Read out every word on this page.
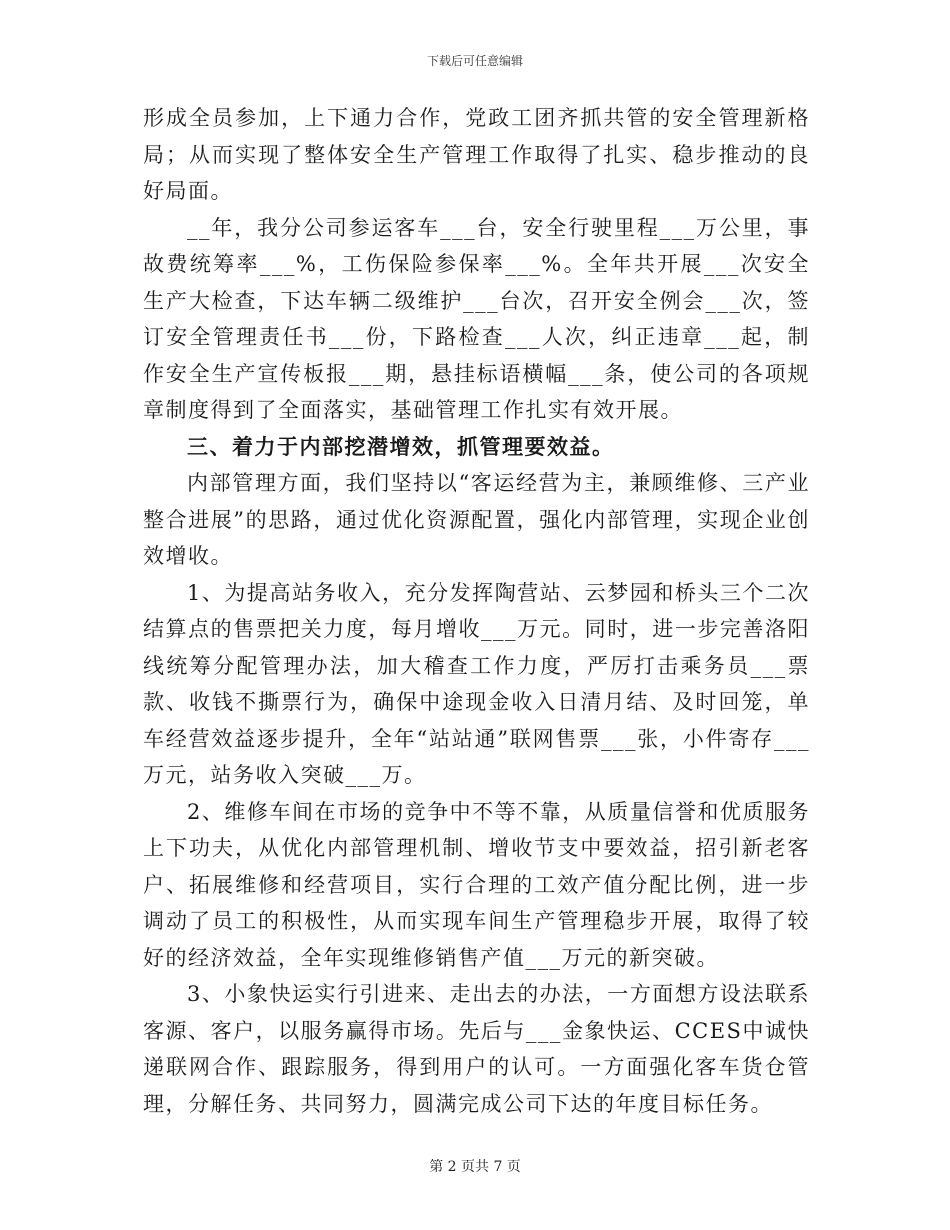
下载后可任意编辑

形成全员参加，上下通力合作，党政工团齐抓共管的安全管理新格局；从而实现了整体安全生产管理工作取得了扎实、稳步推动的良好局面。

__年，我分公司参运客车___台，安全行驶里程___万公里，事故费统筹率___%，工伤保险参保率___%。全年共开展___次安全生产大检查，下达车辆二级维护___台次，召开安全例会___次，签订安全管理责任书___份，下路检查___人次，纠正违章___起，制作安全生产宣传板报___期，悬挂标语横幅___条，使公司的各项规章制度得到了全面落实，基础管理工作扎实有效开展。

三、着力于内部挖潜增效，抓管理要效益。

内部管理方面，我们坚持以“客运经营为主，兼顾维修、三产业整合进展”的思路，通过优化资源配置，强化内部管理，实现企业创效增收。

1、为提高站务收入，充分发挥陶营站、云梦园和桥头三个二次结算点的售票把关力度，每月增收___万元。同时，进一步完善洛阳线统筹分配管理办法，加大稽查工作力度，严厉打击乘务员___票款、收钱不撕票行为，确保中途现金收入日清月结、及时回笼，单车经营效益逐步提升，全年“站站通”联网售票___张，小件寄存___万元，站务收入突破___万。

2、维修车间在市场的竞争中不等不靠，从质量信誉和优质服务上下功夫，从优化内部管理机制、增收节支中要效益，招引新老客户、拓展维修和经营项目，实行合理的工效产值分配比例，进一步调动了员工的积极性，从而实现车间生产管理稳步开展，取得了较好的经济效益，全年实现维修销售产值___万元的新突破。

3、小象快运实行引进来、走出去的办法，一方面想方设法联系客源、客户，以服务赢得市场。先后与___金象快运、CCES中诚快递联网合作、跟踪服务，得到用户的认可。一方面强化客车货仓管理，分解任务、共同努力，圆满完成公司下达的年度目标任务。

第 2 页共 7 页
